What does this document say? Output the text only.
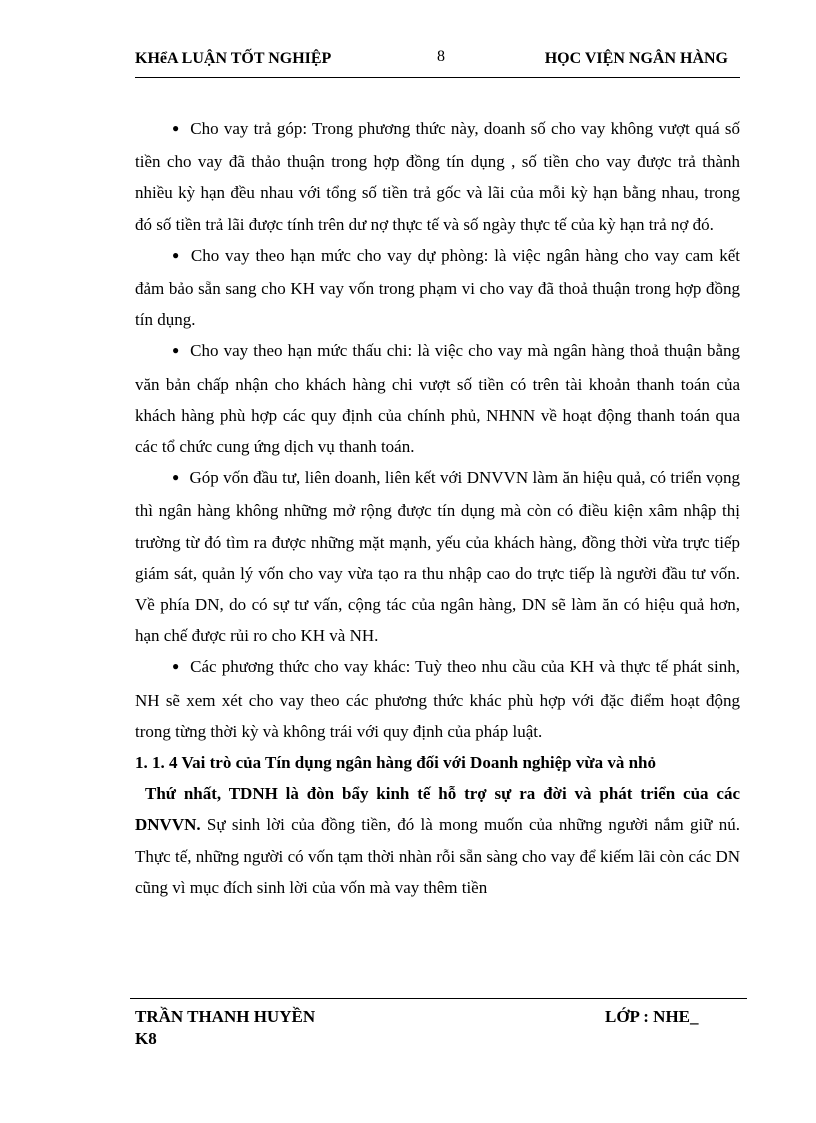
KHểA LUẬN TỐT NGHIỆP	8	HỌC VIỆN NGÂN HÀNG

● Cho vay trả góp: Trong phương thức này, doanh số cho vay không vượt quá số tiền cho vay đã thảo thuận trong hợp đồng tín dụng , số tiền cho vay được trả thành nhiều kỳ hạn đều nhau với tổng số tiền trả gốc và lãi của mỗi kỳ hạn bằng nhau, trong đó số tiền trả lãi được tính trên dư nợ thực tế và số ngày thực tế của kỳ hạn trả nợ đó.

● Cho vay theo hạn mức cho vay dự phòng: là việc ngân hàng cho vay cam kết đảm bảo sẵn sang cho KH vay vốn trong phạm vi cho vay đã thoả thuận trong hợp đồng tín dụng.

● Cho vay theo hạn mức thấu chi: là việc cho vay mà ngân hàng thoả thuận bằng văn bản chấp nhận cho khách hàng chi vượt số tiền có trên tài khoản thanh toán của khách hàng phù hợp các quy định của chính phủ, NHNN về hoạt động thanh toán qua các tổ chức cung ứng dịch vụ thanh toán.

● Góp vốn đầu tư, liên doanh, liên kết với DNVVN làm ăn hiệu quả, có triển vọng thì ngân hàng không những mở rộng được tín dụng mà còn có điều kiện xâm nhập thị trường từ đó tìm ra được những mặt mạnh, yếu của khách hàng, đồng thời vừa trực tiếp giám sát, quản lý vốn cho vay vừa tạo ra thu nhập cao do trực tiếp là người đầu tư vốn. Về phía DN, do có sự tư vấn, cộng tác của ngân hàng, DN sẽ làm ăn có hiệu quả hơn, hạn chế được rủi ro cho KH và NH.

● Các phương thức cho vay khác: Tuỳ theo nhu cầu của KH và thực tế phát sinh, NH sẽ xem xét cho vay theo các phương thức khác phù hợp với đặc điểm hoạt động trong từng thời kỳ và không trái với quy định của pháp luật.

1. 1. 4 Vai trò của Tín dụng ngân hàng đối với Doanh nghiệp vừa và nhỏ

Thứ nhất, TDNH là đòn bẩy kinh tế hỗ trợ sự ra đời và phát triển của các DNVVN. Sự sinh lời của đồng tiền, đó là mong muốn của những người nắm giữ nú. Thực tế, những người có vốn tạm thời nhàn rỗi sẵn sàng cho vay để kiếm lãi còn các DN cũng vì mục đích sinh lời của vốn mà vay thêm tiền

TRẦN THANH HUYỀN	LỚP : NHE_
K8
